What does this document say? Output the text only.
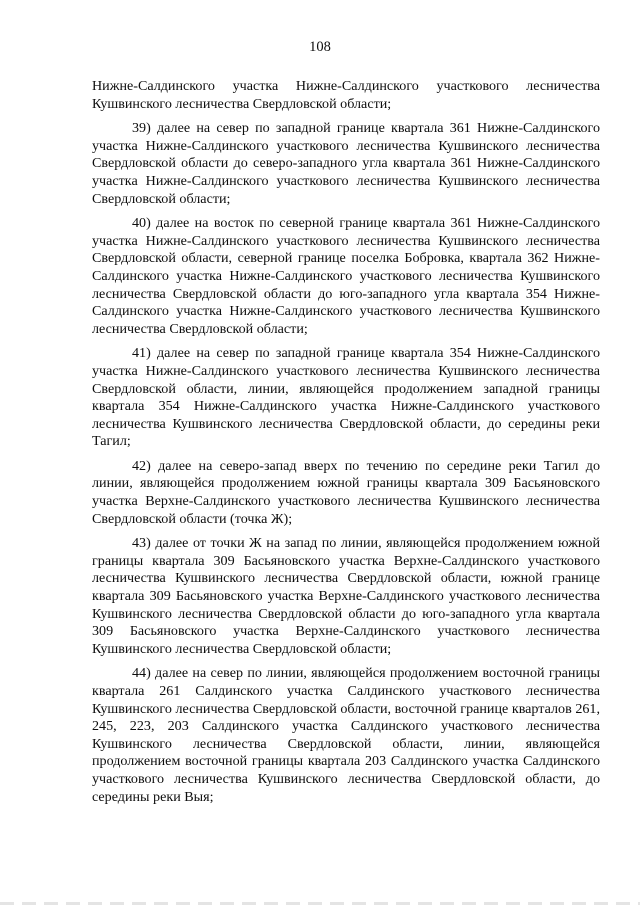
108

Нижне-Салдинского участка Нижне-Салдинского участкового лесничества Кушвинского лесничества Свердловской области;

39) далее на север по западной границе квартала 361 Нижне-Салдинского участка Нижне-Салдинского участкового лесничества Кушвинского лесничества Свердловской области до северо-западного угла квартала 361 Нижне-Салдинского участка Нижне-Салдинского участкового лесничества Кушвинского лесничества Свердловской области;

40) далее на восток по северной границе квартала 361 Нижне-Салдинского участка Нижне-Салдинского участкового лесничества Кушвинского лесничества Свердловской области, северной границе поселка Бобровка, квартала 362 Нижне-Салдинского участка Нижне-Салдинского участкового лесничества Кушвинского лесничества Свердловской области до юго-западного угла квартала 354 Нижне-Салдинского участка Нижне-Салдинского участкового лесничества Кушвинского лесничества Свердловской области;

41) далее на север по западной границе квартала 354 Нижне-Салдинского участка Нижне-Салдинского участкового лесничества Кушвинского лесничества Свердловской области, линии, являющейся продолжением западной границы квартала 354 Нижне-Салдинского участка Нижне-Салдинского участкового лесничества Кушвинского лесничества Свердловской области, до середины реки Тагил;

42) далее на северо-запад вверх по течению по середине реки Тагил до линии, являющейся продолжением южной границы квартала 309 Басьяновского участка Верхне-Салдинского участкового лесничества Кушвинского лесничества Свердловской области (точка Ж);

43) далее от точки Ж на запад по линии, являющейся продолжением южной границы квартала 309 Басьяновского участка Верхне-Салдинского участкового лесничества Кушвинского лесничества Свердловской области, южной границе квартала 309 Басьяновского участка Верхне-Салдинского участкового лесничества Кушвинского лесничества Свердловской области до юго-западного угла квартала 309 Басьяновского участка Верхне-Салдинского участкового лесничества Кушвинского лесничества Свердловской области;

44) далее на север по линии, являющейся продолжением восточной границы квартала 261 Салдинского участка Салдинского участкового лесничества Кушвинского лесничества Свердловской области, восточной границе кварталов 261, 245, 223, 203 Салдинского участка Салдинского участкового лесничества Кушвинского лесничества Свердловской области, линии, являющейся продолжением восточной границы квартала 203 Салдинского участка Салдинского участкового лесничества Кушвинского лесничества Свердловской области, до середины реки Выя;
